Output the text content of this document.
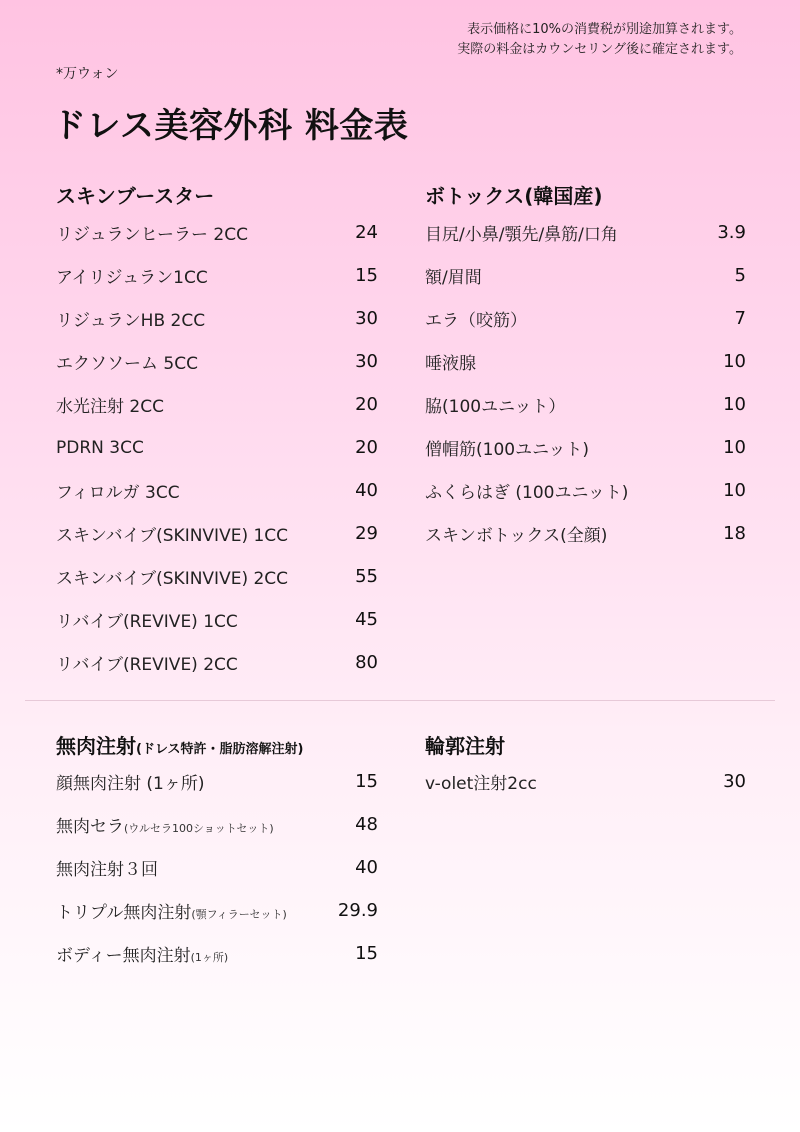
表示価格に10%の消費税が別途加算されます。
実際の料金はカウンセリング後に確定されます。
*万ウォン
ドレス美容外科 料金表
スキンブースター
リジュランヒーラー 2CC	24
アイリジュラン1CC	15
リジュランHB 2CC	30
エクソソーム 5CC	30
水光注射 2CC	20
PDRN 3CC	20
フィロルガ 3CC	40
スキンバイブ(SKINVIVE) 1CC	29
スキンバイブ(SKINVIVE) 2CC	55
リバイブ(REVIVE) 1CC	45
リバイブ(REVIVE) 2CC	80
ボトックス(韓国産)
目尻/小鼻/顎先/鼻筋/口角	3.9
額/眉間	5
エラ（咬筋）	7
唾液腺	10
脇(100ユニット）	10
僧帽筋(100ユニット)	10
ふくらはぎ (100ユニット)	10
スキンボトックス(全顔)	18
無肉注射(ドレス特許・脂肪溶解注射)
顔無肉注射 (1ヶ所)	15
無肉セラ(ウルセラ100ショットセット)	48
無肉注射３回	40
トリプル無肉注射(顎フィラーセット)	29.9
ボディー無肉注射(1ヶ所)	15
輪郭注射
v-olet注射2cc	30
